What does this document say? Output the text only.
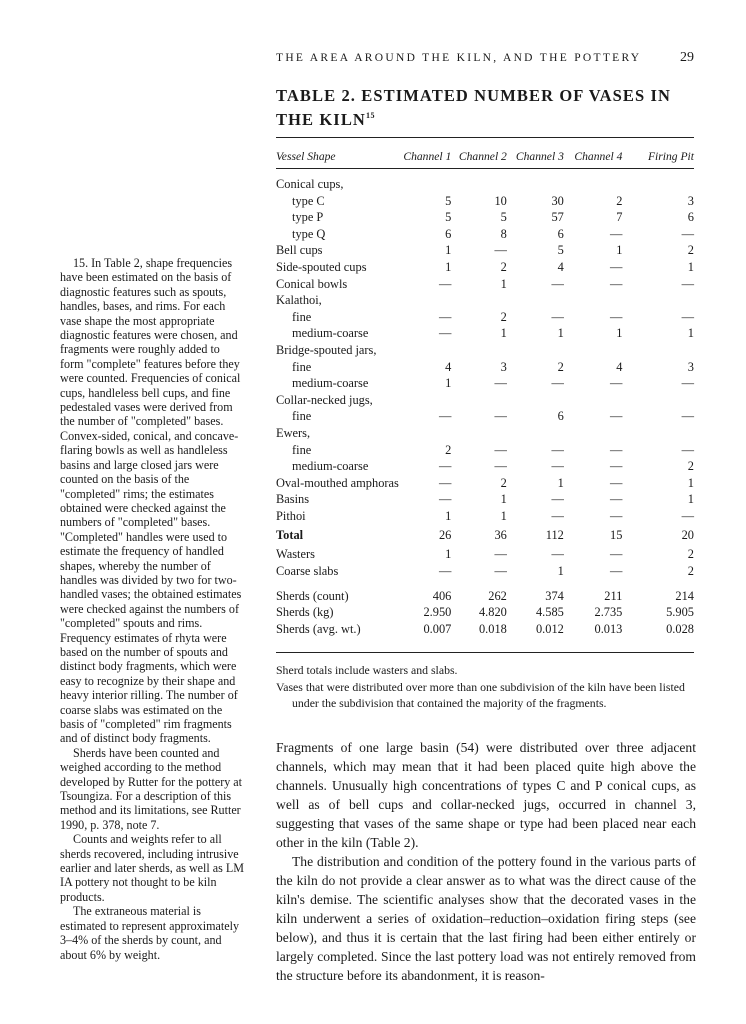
THE AREA AROUND THE KILN, AND THE POTTERY	29
TABLE 2. ESTIMATED NUMBER OF VASES IN THE KILN$^{15}$
Vessel Shape	Channel 1	Channel 2	Channel 3	Channel 4	Firing Pit

Conical cups,					
type C	5	10	30	2	3
type P	5	5	57	7	6
type Q	6	8	6	—	—
Bell cups	1	—	5	1	2
Side-spouted cups	1	2	4	—	1
Conical bowls	—	1	—	—	—
Kalathoi,					
fine	—	2	—	—	—
medium-coarse	—	1	1	1	1
Bridge-spouted jars,					
fine	4	3	2	4	3
medium-coarse	1	—	—	—	—
Collar-necked jugs,					
fine	—	—	6	—	—
Ewers,					
fine	2	—	—	—	—
medium-coarse	—	—	—	—	2
Oval-mouthed amphoras	—	2	1	—	1
Basins	—	1	—	—	1
Pithoi	1	1	—	—	—
Total	26	36	112	15	20
Wasters	1	—	—	—	2
Coarse slabs	—	—	1	—	2

Sherds (count)	406	262	374	211	214
Sherds (kg)	2.950	4.820	4.585	2.735	5.905
Sherds (avg. wt.)	0.007	0.018	0.012	0.013	0.028

Sherd totals include wasters and slabs.

Vases that were distributed over more than one subdivision of the kiln have been listed under the subdivision that contained the majority of the fragments.

Fragments of one large basin (54) were distributed over three adjacent channels, which may mean that it had been placed quite high above the channels. Unusually high concentrations of types C and P conical cups, as well as of bell cups and collar-necked jugs, occurred in channel 3, suggesting that vases of the same shape or type had been placed near each other in the kiln (Table 2).

The distribution and condition of the pottery found in the various parts of the kiln do not provide a clear answer as to what was the direct cause of the kiln's demise. The scientific analyses show that the decorated vases in the kiln underwent a series of oxidation–reduction–oxidation firing steps (see below), and thus it is certain that the last firing had been either entirely or largely completed. Since the last pottery load was not entirely removed from the structure before its abandonment, it is reason-

15. In Table 2, shape frequencies have been estimated on the basis of diagnostic features such as spouts, handles, bases, and rims. For each vase shape the most appropriate diagnostic features were chosen, and fragments were roughly added to form "complete" features before they were counted. Frequencies of conical cups, handleless bell cups, and fine pedestaled vases were derived from the number of "completed" bases. Convex-sided, conical, and concave-flaring bowls as well as handleless basins and large closed jars were counted on the basis of the "completed" rims; the estimates obtained were checked against the numbers of "completed" bases. "Completed" handles were used to estimate the frequency of handled shapes, whereby the number of handles was divided by two for two-handled vases; the obtained estimates were checked against the numbers of "completed" spouts and rims. Frequency estimates of rhyta were based on the number of spouts and distinct body fragments, which were easy to recognize by their shape and heavy interior rilling. The number of coarse slabs was estimated on the basis of "completed" rim fragments and of distinct body fragments.

Sherds have been counted and weighed according to the method developed by Rutter for the pottery at Tsoungiza. For a description of this method and its limitations, see Rutter 1990, p. 378, note 7.

Counts and weights refer to all sherds recovered, including intrusive earlier and later sherds, as well as LM IA pottery not thought to be kiln products.

The extraneous material is estimated to represent approximately 3–4% of the sherds by count, and about 6% by weight.
